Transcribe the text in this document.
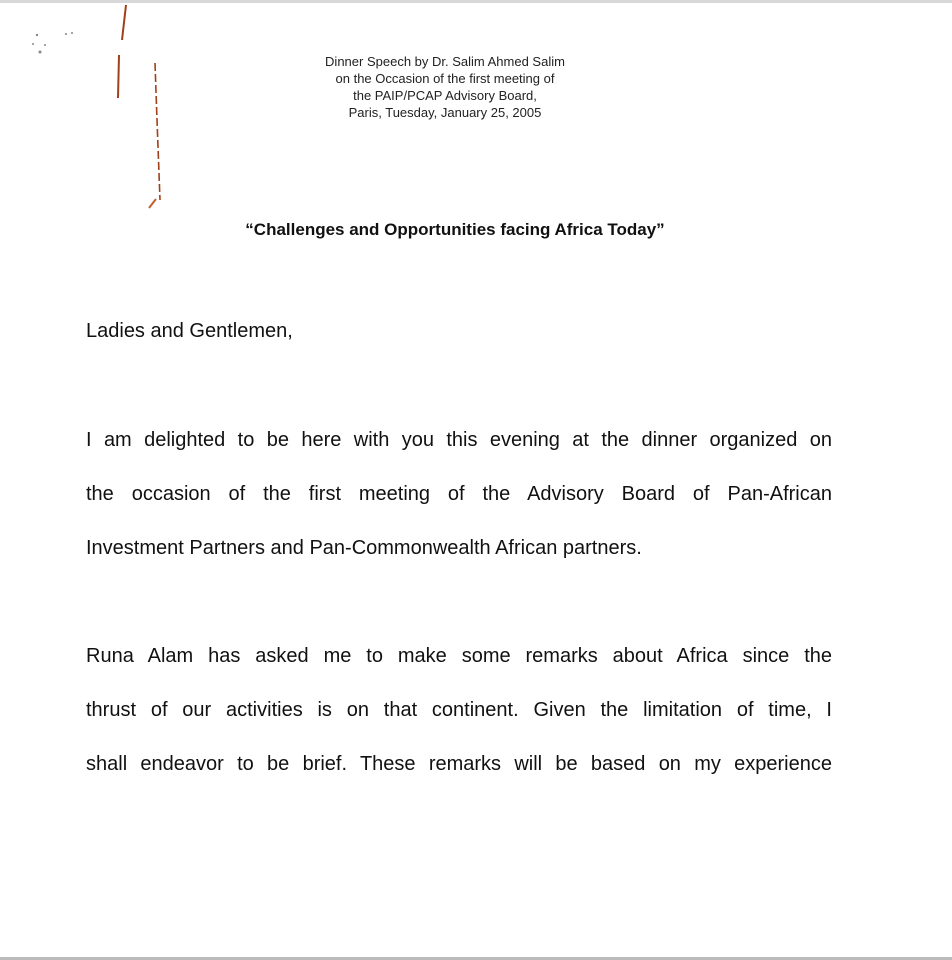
Dinner Speech by Dr. Salim Ahmed Salim
on the Occasion of the first meeting of
the PAIP/PCAP Advisory Board,
Paris, Tuesday, January 25, 2005
“Challenges and Opportunities facing Africa Today”
Ladies and Gentlemen,
I am delighted to be here with you this evening at the dinner organized on
the occasion of the first meeting of the Advisory Board of Pan-African
Investment Partners and Pan-Commonwealth African partners.
Runa Alam has asked me to make some remarks about Africa since the
thrust of our activities is on that continent. Given the limitation of time, I
shall endeavor to be brief. These remarks will be based on my experience
